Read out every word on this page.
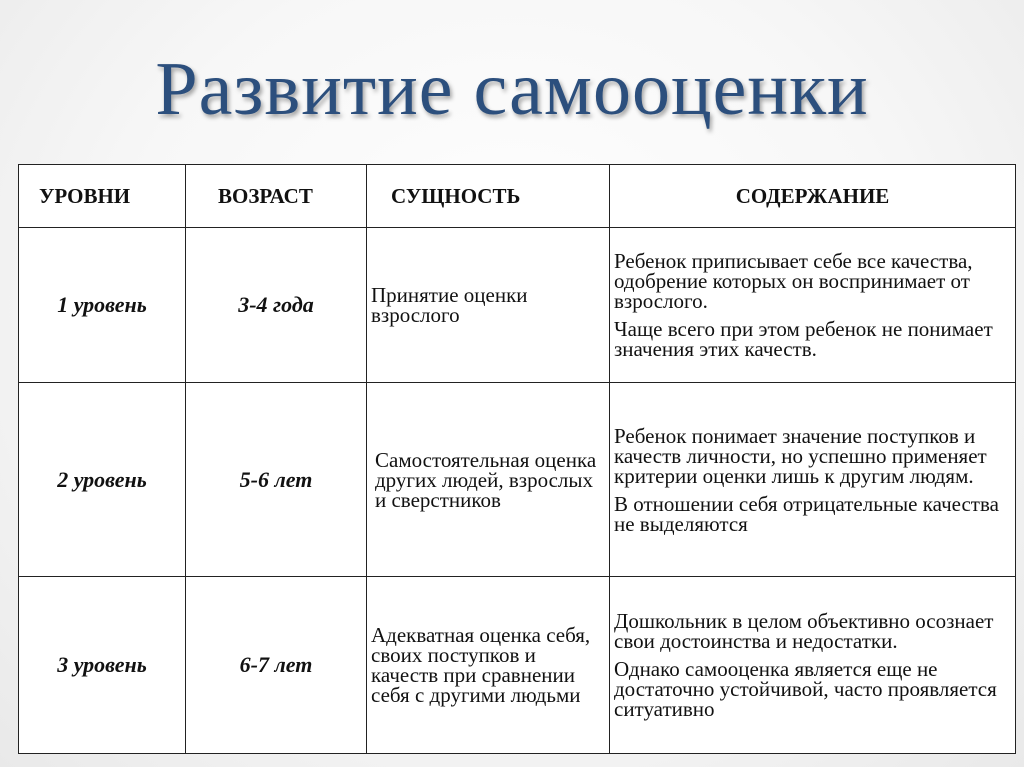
Развитие самооценки
УРОВНИ	ВОЗРАСТ	СУЩНОСТЬ	СОДЕРЖАНИЕ
1 уровень	3-4 года	Принятие оценки взрослого	Ребенок приписывает себе все качества, одобрение которых он воспринимает от взрослого.

Чаще всего при этом ребенок не понимает значения этих качеств.

2 уровень	5-6 лет	Самостоятельная оценка других людей, взрослых и сверстников	Ребенок понимает значение поступков и качеств личности, но успешно применяет критерии оценки лишь к другим людям.

В отношении себя отрицательные качества не выделяются

3 уровень	6-7 лет	Адекватная оценка себя, своих поступков и качеств при сравнении себя с другими людьми	Дошкольник в целом объективно осознает свои достоинства и недостатки.

Однако самооценка является еще не достаточно устойчивой, часто проявляется ситуативно
